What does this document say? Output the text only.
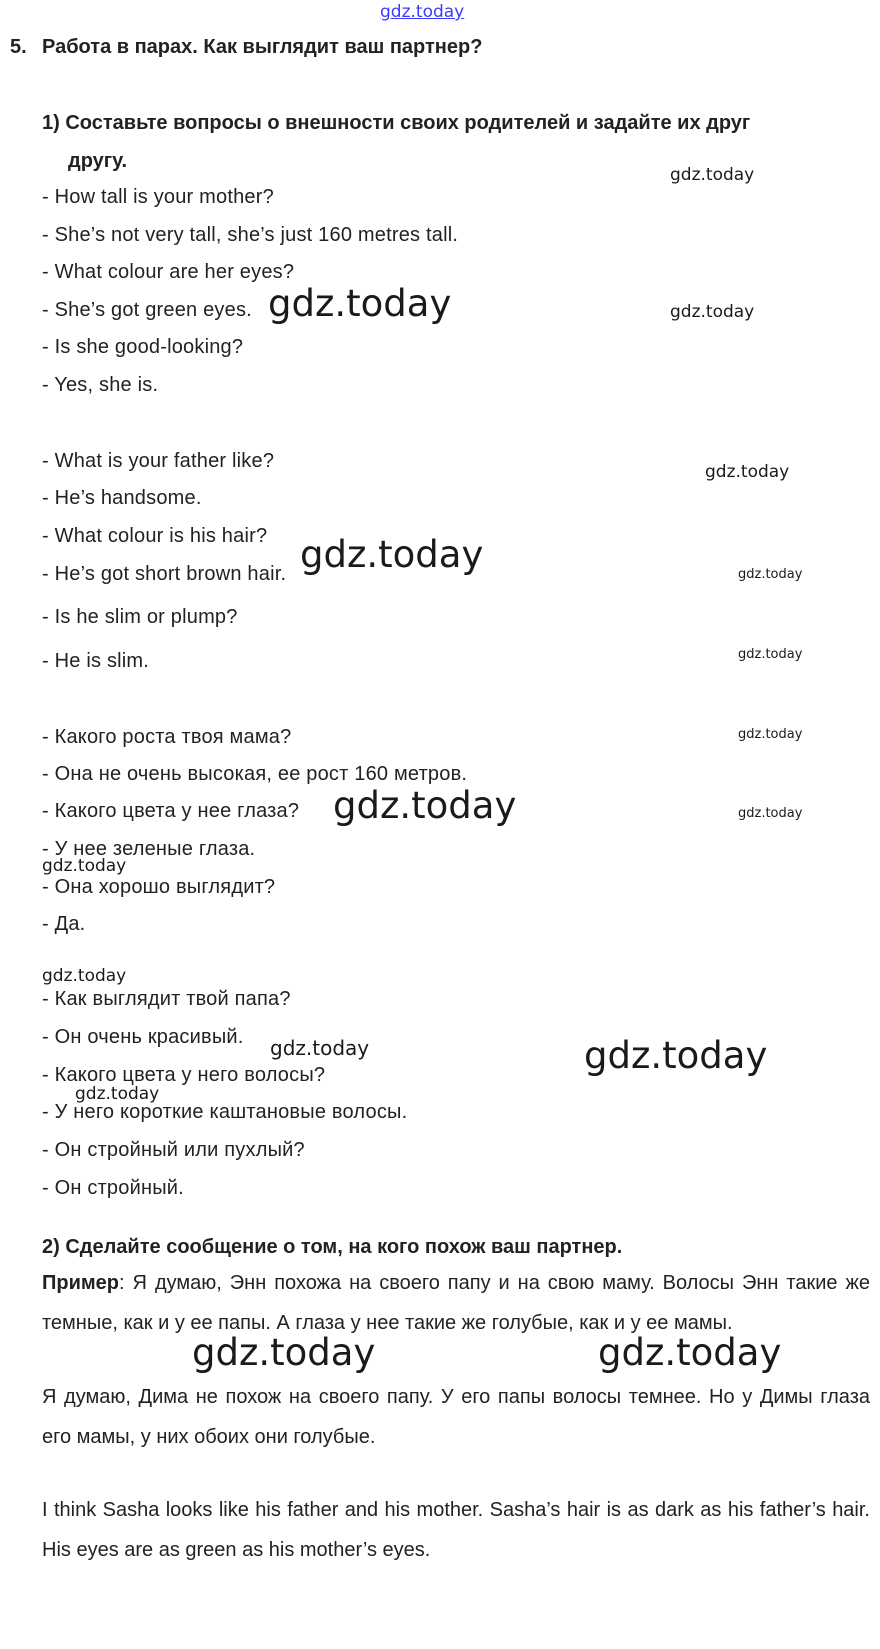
gdz.today
5. Работа в парах. Как выглядит ваш партнер?
1) Составьте вопросы о внешности своих родителей и задайте их друг
другу.
- How tall is your mother?
- She’s not very tall, she’s just 160 metres tall.
- What colour are her eyes?
- She’s got green eyes.
- Is she good-looking?
- Yes, she is.
- What is your father like?
- He’s handsome.
- What colour is his hair?
- He’s got short brown hair.
- Is he slim or plump?
- He is slim.
- Какого роста твоя мама?
- Она не очень высокая, ее рост 160 метров.
- Какого цвета у нее глаза?
- У нее зеленые глаза.
- Она хорошо выглядит?
- Да.
- Как выглядит твой папа?
- Он очень красивый.
- Какого цвета у него волосы?
- У него короткие каштановые волосы.
- Он стройный или пухлый?
- Он стройный.
2) Сделайте сообщение о том, на кого похож ваш партнер.
Пример: Я думаю, Энн похожа на своего папу и на свою маму. Волосы Энн такие же темные, как и у ее папы. А глаза у нее такие же голубые, как и у ее мамы.
Я думаю, Дима не похож на своего папу. У его папы волосы темнее. Но у Димы глаза его мамы, у них обоих они голубые.
I think Sasha looks like his father and his mother. Sasha’s hair is as dark as his father’s hair. His eyes are as green as his mother’s eyes.
gdz.today
gdz.today	gdz.today
gdz.today
gdz.today	gdz.today
gdz.today
gdz.today
gdz.today	gdz.today
gdz.today
gdz.today
gdz.today	gdz.today
gdz.today
gdz.today	gdz.today
